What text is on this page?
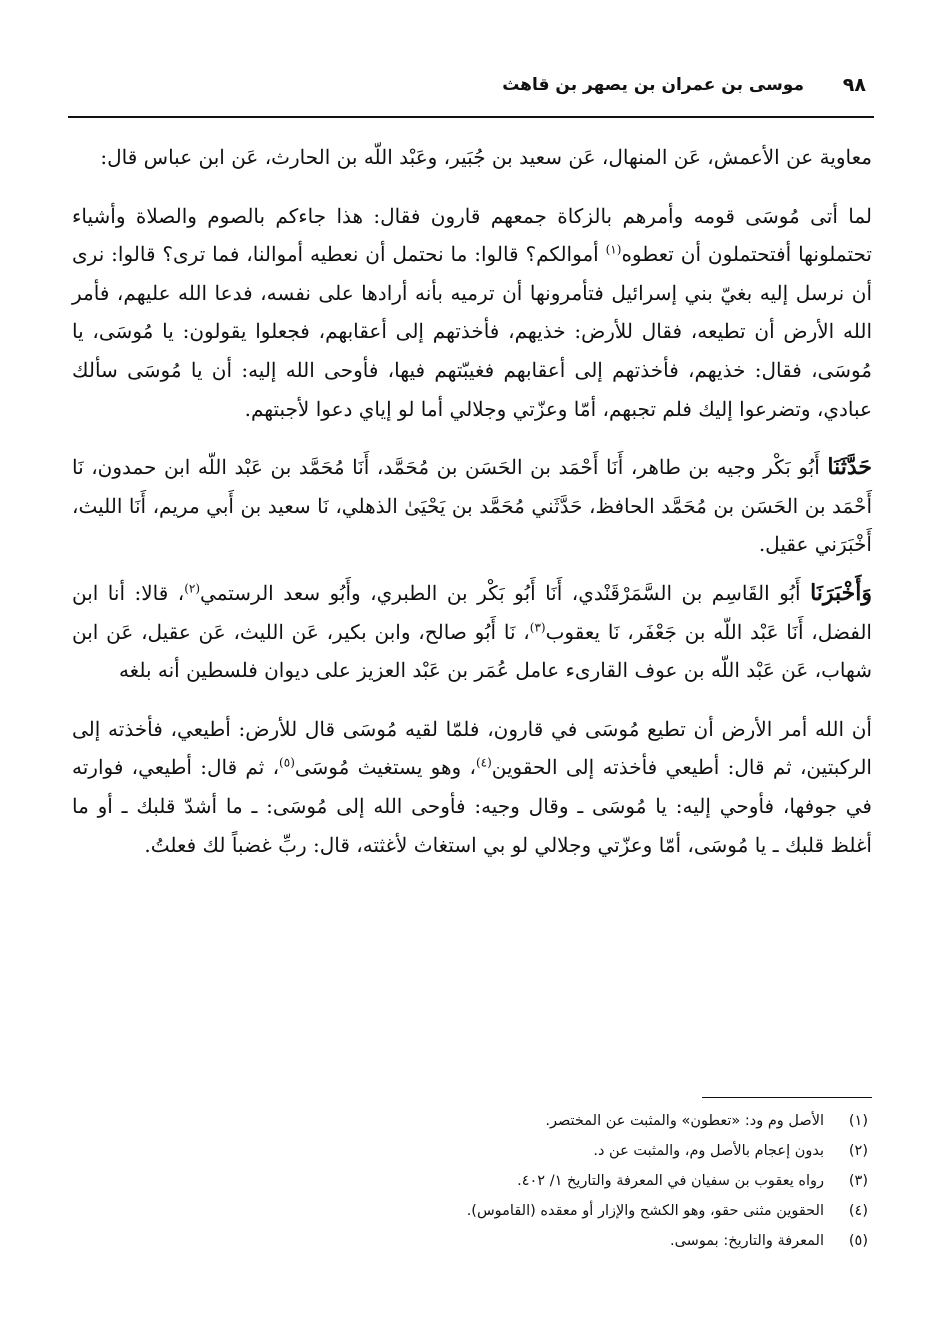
٩٨
موسى بن عمران بن يصهر بن قاهث

معاوية عن الأعمش، عَن المنهال، عَن سعيد بن جُبَير، وعَبْد اللّه بن الحارث، عَن ابن عباس قال:

لما أتى مُوسَى قومه وأمرهم بالزكاة جمعهم قارون فقال: هذا جاءكم بالصوم والصلاة وأشياء تحتملونها أفتحتملون أن تعطوه$^{(١)}$ أموالكم؟ قالوا: ما نحتمل أن نعطيه أموالنا، فما ترى؟ قالوا: نرى أن نرسل إليه بغيّ بني إسرائيل فتأمرونها أن ترميه بأنه أرادها على نفسه، فدعا الله عليهم، فأمر الله الأرض أن تطيعه، فقال للأرض: خذيهم، فأخذتهم إلى أعقابهم، فجعلوا يقولون: يا مُوسَى، يا مُوسَى، فقال: خذيهم، فأخذتهم إلى أعقابهم فغيبّتهم فيها، فأوحى الله إليه: أن يا مُوسَى سألك عبادي، وتضرعوا إليك فلم تجبهم، أمّا وعزّتي وجلالي أما لو إياي دعوا لأجبتهم.

حَدَّثَنَا أَبُو بَكْر وجيه بن طاهر، أَنَا أَحْمَد بن الحَسَن بن مُحَمَّد، أَنَا مُحَمَّد بن عَبْد اللّه ابن حمدون، نَا أَحْمَد بن الحَسَن بن مُحَمَّد الحافظ، حَدَّثَني مُحَمَّد بن يَحْيَىٰ الذهلي، نَا سعيد بن أَبي مريم، أَنَا الليث، أَخْبَرَني عقيل.

وَأَخْبَرَنَا أَبُو القَاسِم بن السَّمَرْقَنْدي، أَنَا أَبُو بَكْر بن الطبري، وأَبُو سعد الرستمي$^{(٢)}$، قالا: أنا ابن الفضل، أَنَا عَبْد اللّه بن جَعْفَر، نَا يعقوب$^{(٣)}$، نَا أَبُو صالح، وابن بكير، عَن الليث، عَن عقيل، عَن ابن شهاب، عَن عَبْد اللّه بن عوف القارىء عامل عُمَر بن عَبْد العزيز على ديوان فلسطين أنه بلغه

أن الله أمر الأرض أن تطيع مُوسَى في قارون، فلمّا لقيه مُوسَى قال للأرض: أطيعي، فأخذته إلى الركبتين، ثم قال: أطيعي فأخذته إلى الحقوين$^{(٤)}$، وهو يستغيث مُوسَى$^{(٥)}$، ثم قال: أطيعي، فوارته في جوفها، فأوحي إليه: يا مُوسَى ـ وقال وجيه: فأوحى الله إلى مُوسَى: ـ ما أشدّ قلبك ـ أو ما أغلظ قلبك ـ يا مُوسَى، أمّا وعزّتي وجلالي لو بي استغاث لأغثته، قال: ربِّ غضباً لك فعلتُ.

(١)الأصل وم ود: «تعطون» والمثبت عن المختصر.
(٢)بدون إعجام بالأصل وم، والمثبت عن د.
(٣)رواه يعقوب بن سفيان في المعرفة والتاريخ ١/ ٤٠٢.
(٤)الحقوين مثنى حقو، وهو الكشح والإزار أو معقده (القاموس).
(٥)المعرفة والتاريخ: بموسى.
